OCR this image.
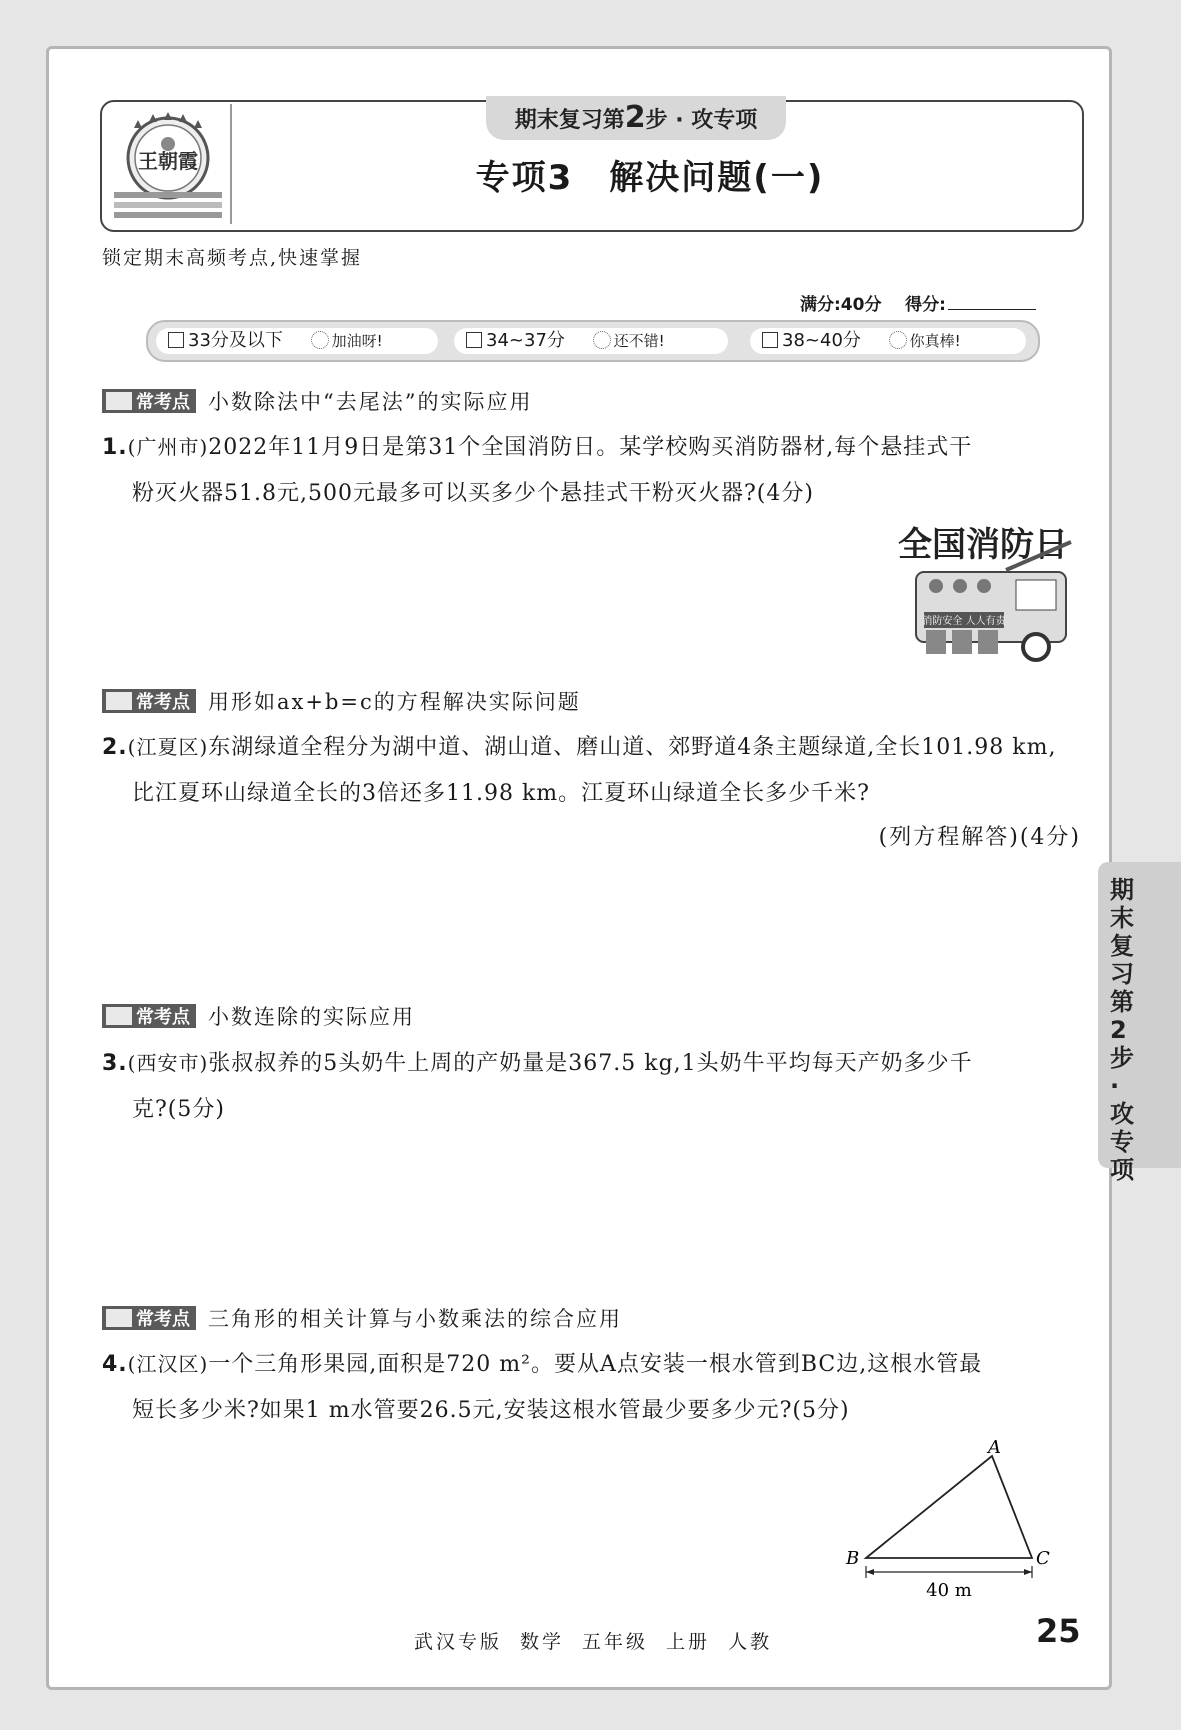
王朝霞
期末复习第2步 · 攻专项
专项3　解决问题(一)
锁定期末高频考点,快速掌握
满分:40分 得分:
33分及以下	加油呀!	34~37分	还不错!	38~40分	你真棒!
常考点 小数除法中“去尾法”的实际应用
1.(广州市)2022年11月9日是第31个全国消防日。某学校购买消防器材,每个悬挂式干
粉灭火器51.8元,500元最多可以买多少个悬挂式干粉灭火器?(4分)
全国消防日
消防安全 人人有责
常考点 用形如ax+b=c的方程解决实际问题
2.(江夏区)东湖绿道全程分为湖中道、湖山道、磨山道、郊野道4条主题绿道,全长101.98 km,
比江夏环山绿道全长的3倍还多11.98 km。江夏环山绿道全长多少千米?
(列方程解答)(4分)
常考点 小数连除的实际应用
3.(西安市)张叔叔养的5头奶牛上周的产奶量是367.5 kg,1头奶牛平均每天产奶多少千
克?(5分)
常考点 三角形的相关计算与小数乘法的综合应用
4.(江汉区)一个三角形果园,面积是720 m²。要从A点安装一根水管到BC边,这根水管最
短长多少米?如果1 m水管要26.5元,安装这根水管最少要多少元?(5分)
A
B	C
40 m
期末复习第2步·攻专项
武汉专版 数学 五年级 上册 人教	25
